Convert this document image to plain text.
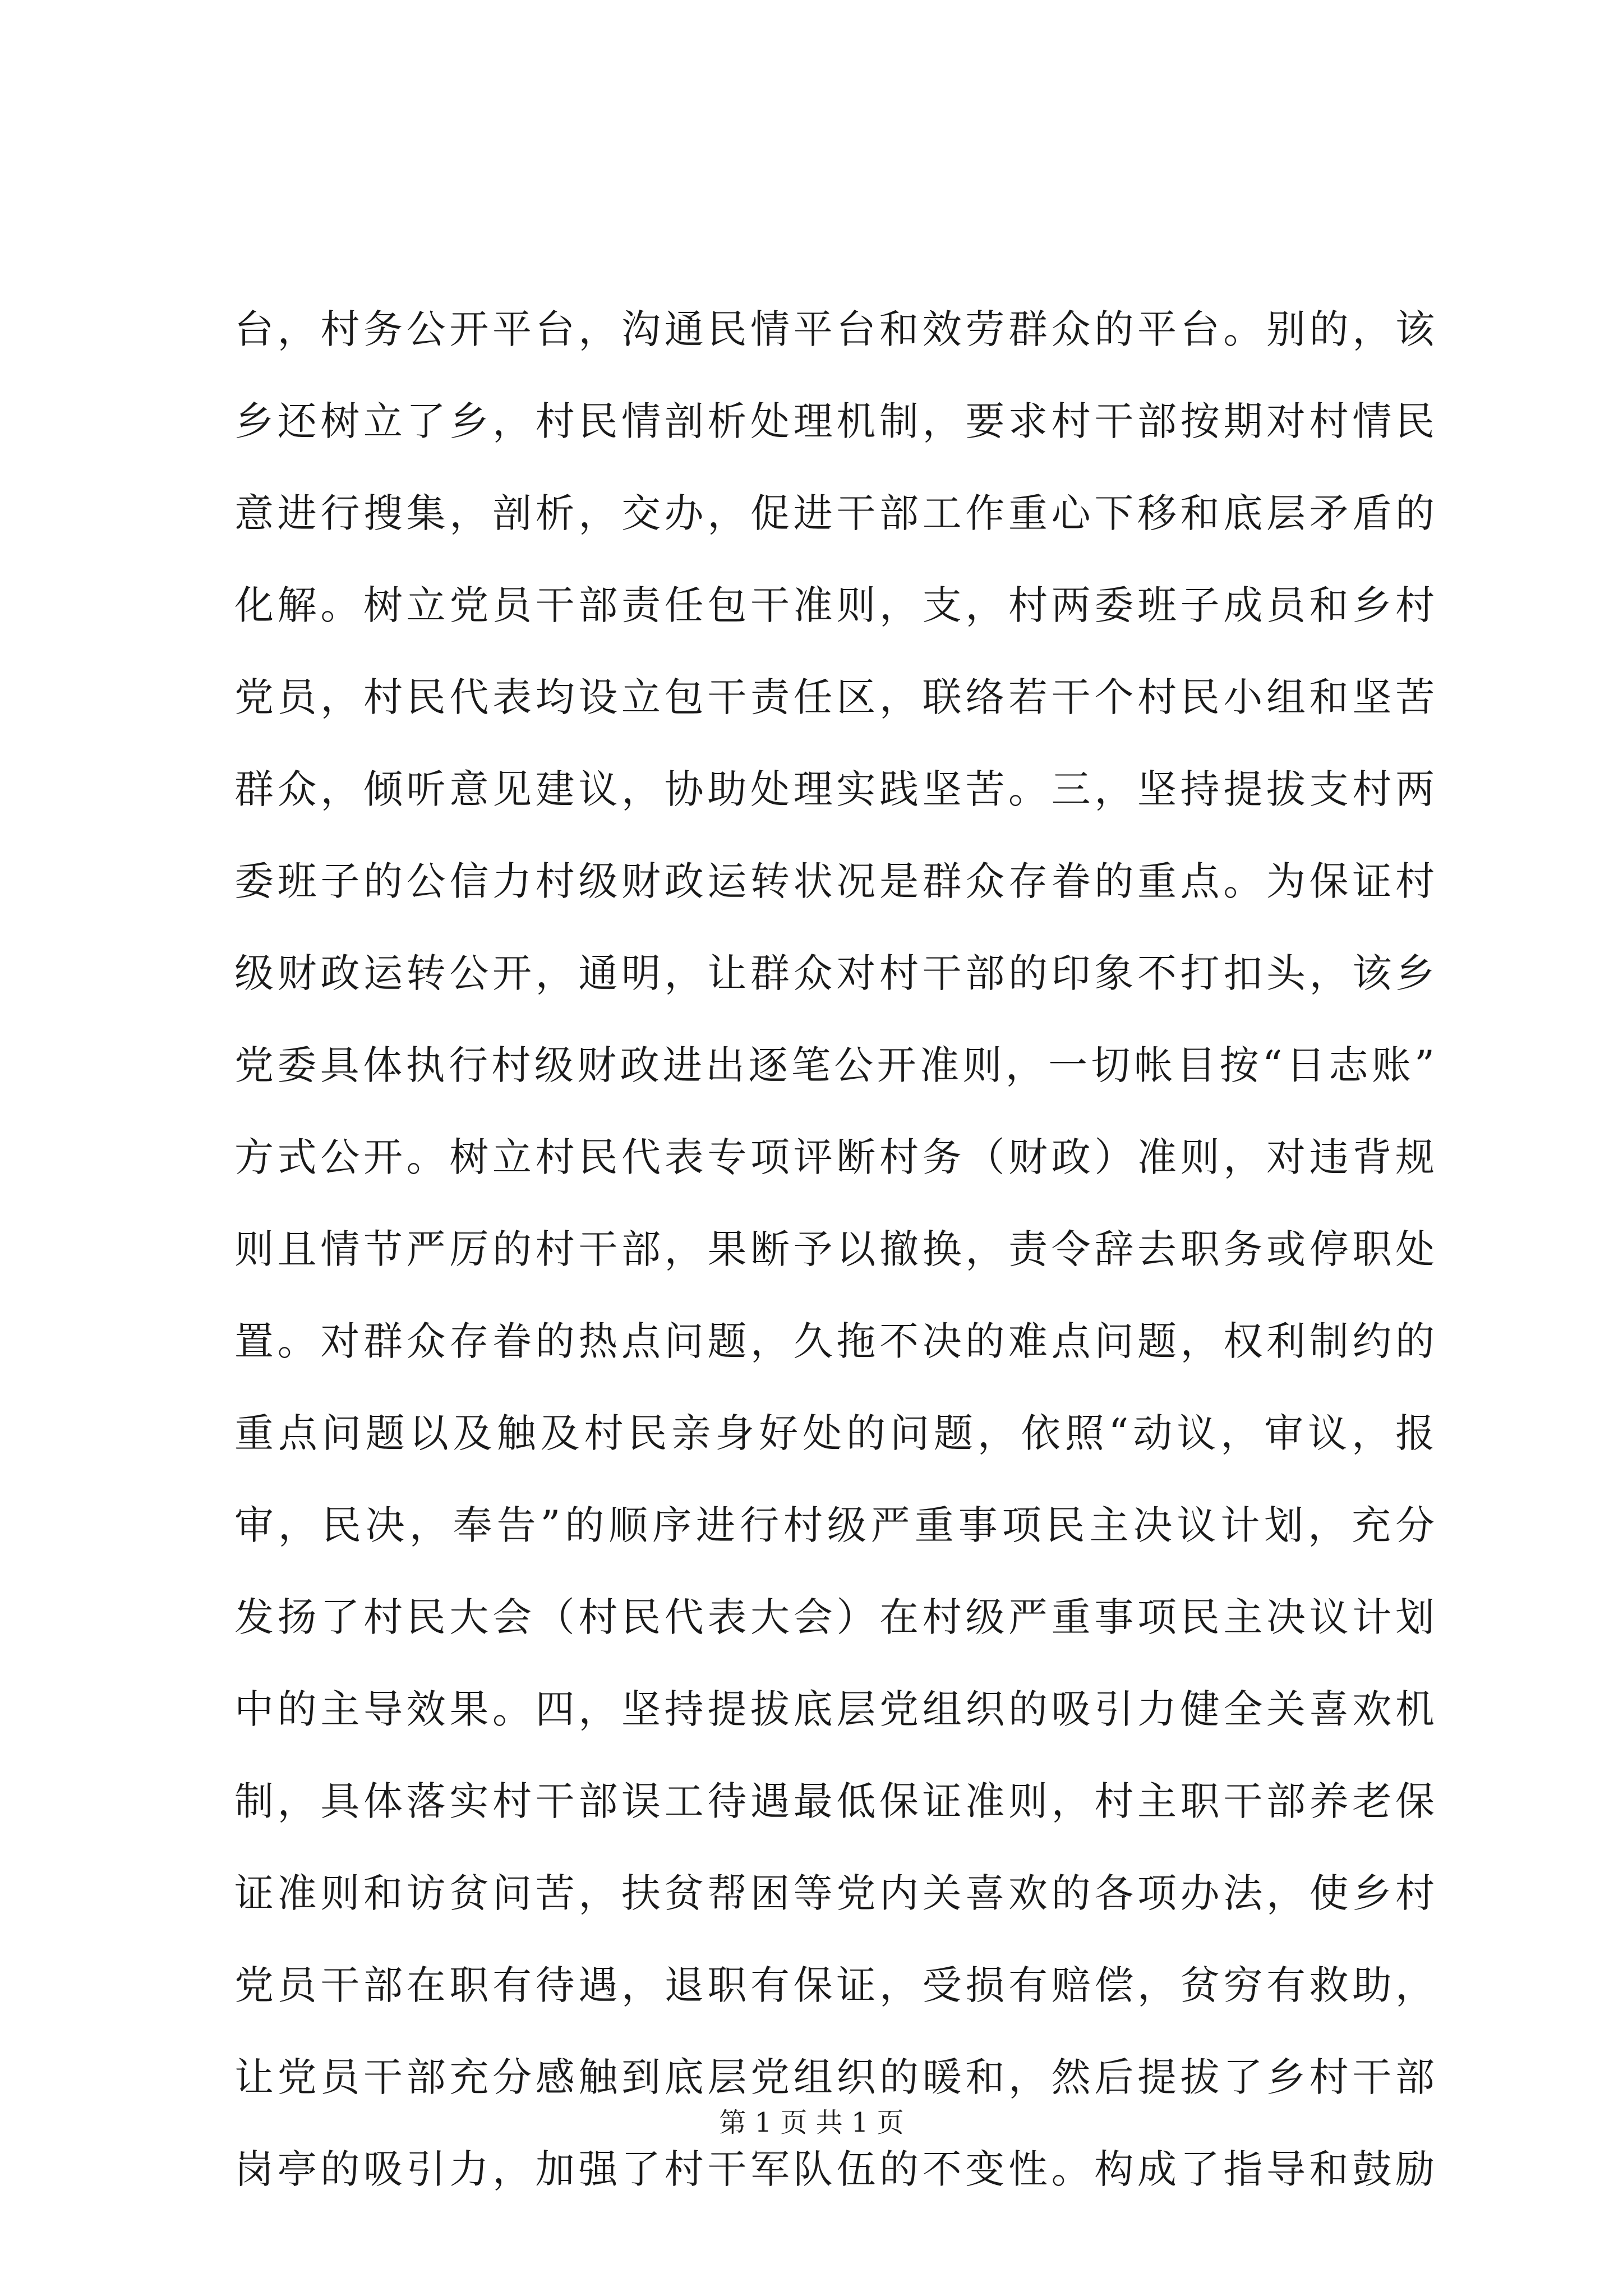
台，村务公开平台，沟通民情平台和效劳群众的平台。别的，该
乡还树立了乡，村民情剖析处理机制，要求村干部按期对村情民
意进行搜集，剖析，交办，促进干部工作重心下移和底层矛盾的
化解。树立党员干部责任包干准则，支，村两委班子成员和乡村
党员，村民代表均设立包干责任区，联络若干个村民小组和坚苦
群众，倾听意见建议，协助处理实践坚苦。三，坚持提拔支村两
委班子的公信力村级财政运转状况是群众存眷的重点。为保证村
级财政运转公开，通明，让群众对村干部的印象不打扣头，该乡
党委具体执行村级财政进出逐笔公开准则，一切帐目按“日志账”
方式公开。树立村民代表专项评断村务（财政）准则，对违背规
则且情节严厉的村干部，果断予以撤换，责令辞去职务或停职处
置。对群众存眷的热点问题，久拖不决的难点问题，权利制约的
重点问题以及触及村民亲身好处的问题，依照“动议，审议，报
审，民决，奉告”的顺序进行村级严重事项民主决议计划，充分
发扬了村民大会（村民代表大会）在村级严重事项民主决议计划
中的主导效果。四，坚持提拔底层党组织的吸引力健全关喜欢机
制，具体落实村干部误工待遇最低保证准则，村主职干部养老保
证准则和访贫问苦，扶贫帮困等党内关喜欢的各项办法，使乡村
党员干部在职有待遇，退职有保证，受损有赔偿，贫穷有救助，
让党员干部充分感触到底层党组织的暖和，然后提拔了乡村干部
岗亭的吸引力，加强了村干军队伍的不变性。构成了指导和鼓励
第 1 页 共 1 页
